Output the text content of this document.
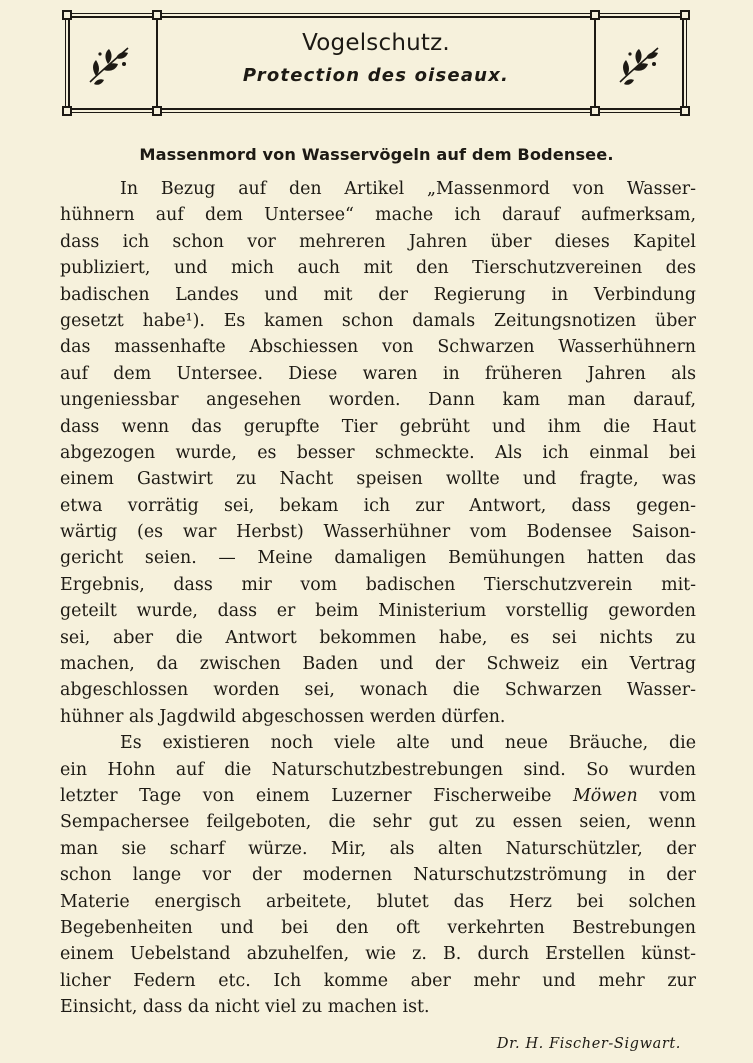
Vogelschutz.
Protection des oiseaux.
Massenmord von Wasservögeln auf dem Bodensee.
In Bezug auf den Artikel „Massenmord von Wasser-
hühnern auf dem Untersee“ mache ich darauf aufmerksam,
dass ich schon vor mehreren Jahren über dieses Kapitel
publiziert, und mich auch mit den Tierschutzvereinen des
badischen Landes und mit der Regierung in Verbindung
gesetzt habe¹). Es kamen schon damals Zeitungsnotizen über
das massenhafte Abschiessen von Schwarzen Wasserhühnern
auf dem Untersee. Diese waren in früheren Jahren als
ungeniessbar angesehen worden. Dann kam man darauf,
dass wenn das gerupfte Tier gebrüht und ihm die Haut
abgezogen wurde, es besser schmeckte. Als ich einmal bei
einem Gastwirt zu Nacht speisen wollte und fragte, was
etwa vorrätig sei, bekam ich zur Antwort, dass gegen-
wärtig (es war Herbst) Wasserhühner vom Bodensee Saison-
gericht seien. — Meine damaligen Bemühungen hatten das
Ergebnis, dass mir vom badischen Tierschutzverein mit-
geteilt wurde, dass er beim Ministerium vorstellig geworden
sei, aber die Antwort bekommen habe, es sei nichts zu
machen, da zwischen Baden und der Schweiz ein Vertrag
abgeschlossen worden sei, wonach die Schwarzen Wasser-
hühner als Jagdwild abgeschossen werden dürfen.
Es existieren noch viele alte und neue Bräuche, die
ein Hohn auf die Naturschutzbestrebungen sind. So wurden
letzter Tage von einem Luzerner Fischerweibe Möwen vom
Sempachersee feilgeboten, die sehr gut zu essen seien, wenn
man sie scharf würze. Mir, als alten Naturschützler, der
schon lange vor der modernen Naturschutzströmung in der
Materie energisch arbeitete, blutet das Herz bei solchen
Begebenheiten und bei den oft verkehrten Bestrebungen
einem Uebelstand abzuhelfen, wie z. B. durch Erstellen künst-
licher Federn etc. Ich komme aber mehr und mehr zur
Einsicht, dass da nicht viel zu machen ist.
Dr. H. Fischer-Sigwart.
